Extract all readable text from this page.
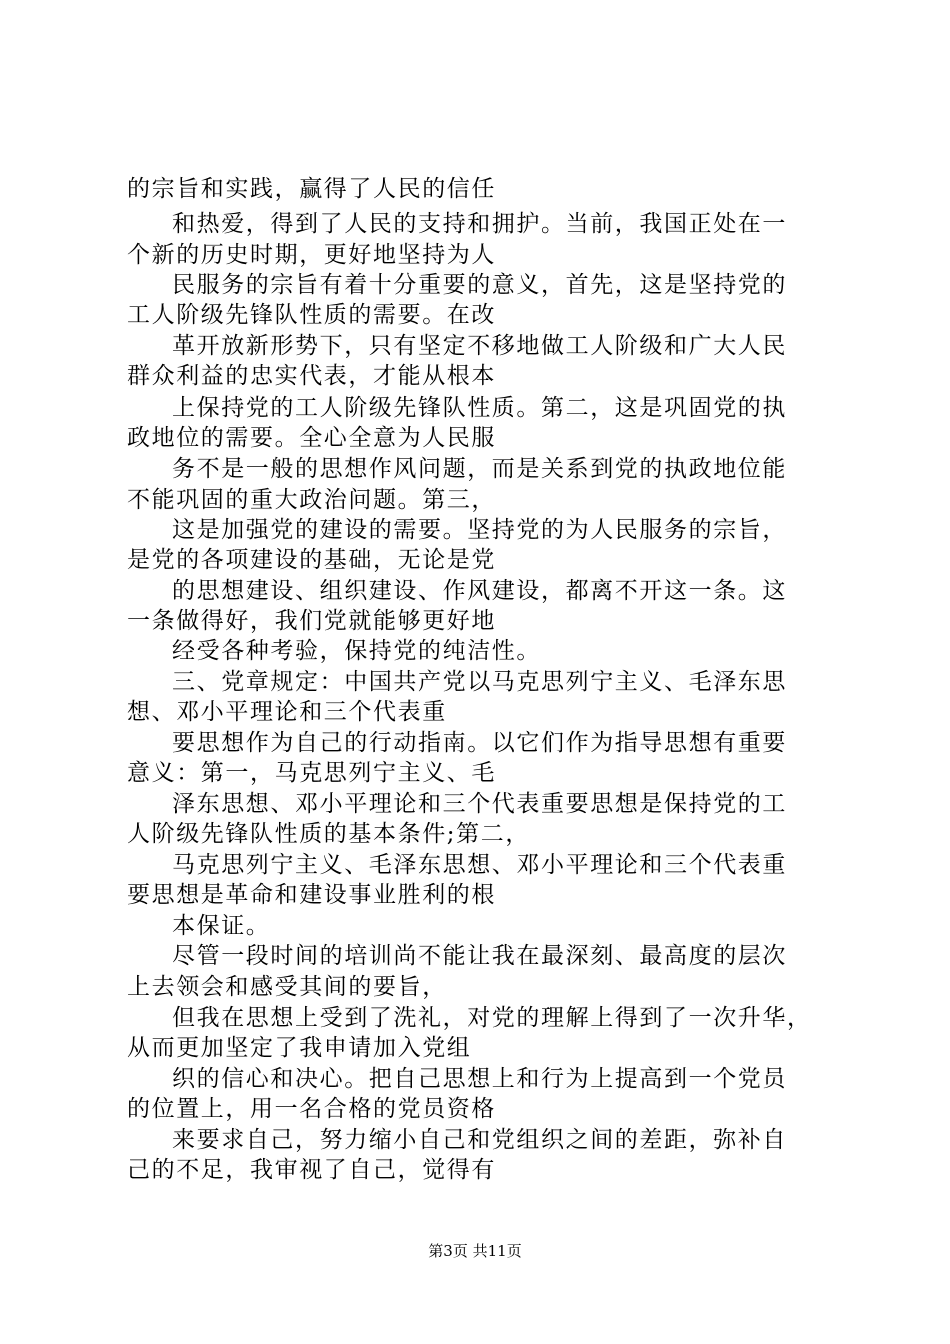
的宗旨和实践，赢得了人民的信任

和热爱，得到了人民的支持和拥护。当前，我国正处在一

个新的历史时期，更好地坚持为人

民服务的宗旨有着十分重要的意义，首先，这是坚持党的

工人阶级先锋队性质的需要。在改

革开放新形势下，只有坚定不移地做工人阶级和广大人民

群众利益的忠实代表，才能从根本

上保持党的工人阶级先锋队性质。第二，这是巩固党的执

政地位的需要。全心全意为人民服

务不是一般的思想作风问题，而是关系到党的执政地位能

不能巩固的重大政治问题。第三，

这是加强党的建设的需要。坚持党的为人民服务的宗旨，

是党的各项建设的基础，无论是党

的思想建设、组织建设、作风建设，都离不开这一条。这

一条做得好，我们党就能够更好地

经受各种考验，保持党的纯洁性。

三、党章规定：中国共产党以马克思列宁主义、毛泽东思

想、邓小平理论和三个代表重

要思想作为自己的行动指南。以它们作为指导思想有重要

意义：第一，马克思列宁主义、毛

泽东思想、邓小平理论和三个代表重要思想是保持党的工

人阶级先锋队性质的基本条件;第二，

马克思列宁主义、毛泽东思想、邓小平理论和三个代表重

要思想是革命和建设事业胜利的根

本保证。

尽管一段时间的培训尚不能让我在最深刻、最高度的层次

上去领会和感受其间的要旨，

但我在思想上受到了洗礼，对党的理解上得到了一次升华，

从而更加坚定了我申请加入党组

织的信心和决心。把自己思想上和行为上提高到一个党员

的位置上，用一名合格的党员资格

来要求自己，努力缩小自己和党组织之间的差距，弥补自

己的不足，我审视了自己，觉得有

第3页 共11页
